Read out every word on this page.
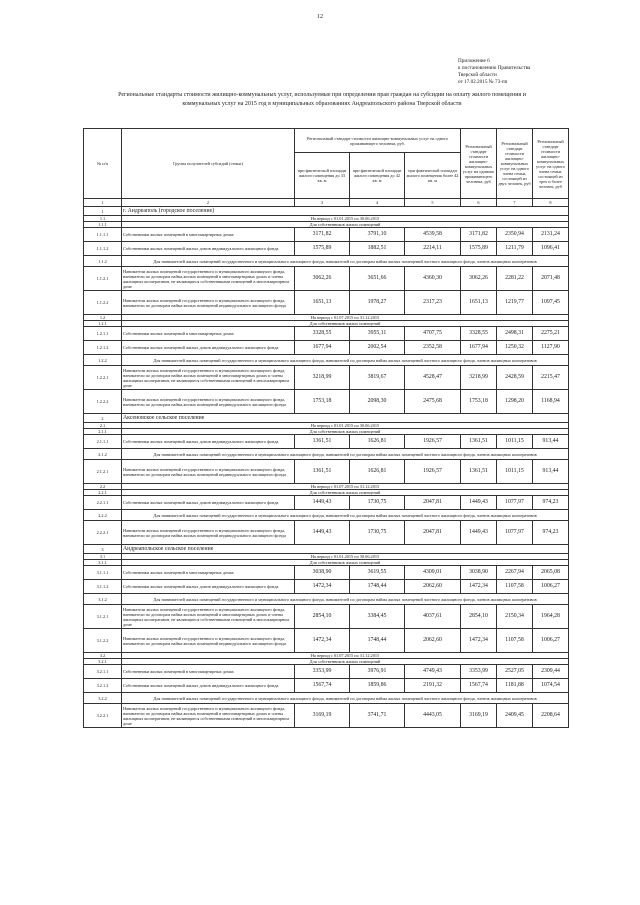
12
Приложение 6
к постановлению Правительства
Тверской области
от 17.02.2015 № 73-пп
Региональные стандарты стоимости жилищно-коммунальных услуг, используемые при определении прав граждан на субсидии на оплату жилого помещения и
коммунальных услуг на 2015 год в муниципальных образованиях Андреапольского района Тверской области
№ п/п	Группа получателей субсидий (семьи)	Региональный стандарт стоимости жилищно-коммунальных услуг на одного проживающего человека, руб.			Региональный стандарт стоимости жилищно-коммунальных услуг на одиноко проживающего человека, руб	Региональный стандарт стоимости жилищно-коммунальных услуг на одного члена семьи, состоящей из двух человек, руб	Региональный стандарт стоимости жилищно-коммунальных услуг на одного члена семьи, состоящей из трех и более человек, руб
		при фактической площади жилого помещения до 33 кв. м	при фактической площади жилого помещения до 42 кв. м	при фактической площади жилого помещения более 42 кв. м			
1	2	3	4	5	6	7	8
1	г. Андреаполь (городское поселение)						
1.1	На период с 01.01.2015 по 30.06.2015						
1.1.1	Для собственников жилых помещений						
1.1.1.1	Собственники жилых помещений в многоквартирных домах	3171,82	3791,10	4539,58	3171,82	2350,94	2131,24
1.1.1.2	Собственники жилых помещений жилых домов индивидуального жилищного фонда	1575,89	1882,51	2214,11	1575,89	1211,79	1096,41
1.1.2	Для нанимателей жилых помещений государственного и муниципального жилищного фонда, нанимателей по договорам найма жилых помещений частного жилищного фонда, членов жилищных кооперативов						
1.1.2.1	Наниматели жилых помещений государственного и муниципального жилищного фонда, наниматели по договорам найма жилых помещений в многоквартирных домах и члены жилищных кооперативов, не являющиеся собственниками помещений в многоквартирном доме	3062,26	3651,66	4360,30	3062,26	2281,22	2071,48
1.1.2.2	Наниматели жилых помещений государственного и муниципального жилищного фонда, наниматели по договорам найма жилых помещений индивидуального жилищного фонда	1651,13	1978,27	2317,23	1651,13	1219,77	1097,45
1.2	На период с 01.07.2015 по 31.12.2015						
1.2.1	Для собственников жилых помещений						
1.2.1.1	Собственники жилых помещений в многоквартирных домах	3328,55	3955,11	4707,75	3328,55	2498,31	2275,21
1.2.1.2	Собственники жилых помещений жилых домов индивидуального жилищного фонда	1677,94	2002,54	2352,58	1677,94	1250,32	1127,90
1.2.2	Для нанимателей жилых помещений государственного и муниципального жилищного фонда, нанимателей по договорам найма жилых помещений частного жилищного фонда, членов жилищных кооперативов						
1.2.2.1	Наниматели жилых помещений государственного и муниципального жилищного фонда, наниматели по договорам найма жилых помещений в многоквартирных домах и члены жилищных кооперативов, не являющиеся собственниками помещений в многоквартирном доме	3218,99	3819,67	4528,47	3218,99	2428,59	2215,47
1.2.2.2	Наниматели жилых помещений государственного и муниципального жилищного фонда, наниматели по договорам найма жилых помещений индивидуального жилищного фонда	1753,18	2098,30	2475,68	1753,18	1298,20	1168,94
2	Аксеновское сельское поселение						
2.1	На период с 01.01.2015 по 30.06.2015						
2.1.1	Для собственников жилых помещений						
2.1.1.1	Собственники жилых помещений жилых домов индивидуального жилищного фонда	1361,51	1626,81	1926,57	1361,51	1011,15	913,44
2.1.2	Для нанимателей жилых помещений государственного и муниципального жилищного фонда, нанимателей по договорам найма жилых помещений частного жилищного фонда, членов жилищных кооперативов						
2.1.2.1	Наниматели жилых помещений государственного и муниципального жилищного фонда, наниматели по договорам найма жилых помещений индивидуального жилищного фонда	1361,51	1626,81	1926,57	1361,51	1011,15	913,44
2.2	На период с 01.07.2015 по 31.12.2015						
2.2.1	Для собственников жилых помещений						
2.2.1.1	Собственники жилых помещений жилых домов индивидуального жилищного фонда	1449,43	1730,75	2047,81	1449,43	1077,97	974,23
2.2.2	Для нанимателей жилых помещений государственного и муниципального жилищного фонда, нанимателей по договорам найма жилых помещений частного жилищного фонда, членов жилищных кооперативов						
2.2.2.1	Наниматели жилых помещений государственного и муниципального жилищного фонда, наниматели по договорам найма жилых помещений индивидуального жилищного фонда	1449,43	1730,75	2047,81	1449,43	1077,97	974,23
3	Андреапольское сельское поселение						
3.1	На период с 01.01.2015 по 30.06.2015						
3.1.1	Для собственников жилых помещений						
3.1.1.1	Собственники жилых помещений в многоквартирных домах	3038,90	3619,55	4309,01	3038,90	2267,94	2065,08
3.1.1.2	Собственники жилых помещений жилых домов индивидуального жилищного фонда	1472,34	1748,44	2062,60	1472,34	1107,58	1006,27
3.1.2	Для нанимателей жилых помещений государственного и муниципального жилищного фонда, нанимателей по договорам найма жилых помещений частного жилищного фонда, членов жилищных кооперативов						
3.1.2.1	Наниматели жилых помещений государственного и муниципального жилищного фонда, наниматели по договорам найма жилых помещений в многоквартирных домах и члены жилищных кооперативов, не являющиеся собственниками помещений в многоквартирном доме	2854,10	3384,45	4037,61	2854,10	2150,34	1964,28
3.1.2.2	Наниматели жилых помещений государственного и муниципального жилищного фонда, наниматели по договорам найма жилых помещений индивидуального жилищного фонда	1472,34	1748,44	2062,60	1472,34	1107,58	1006,27
3.2	На период с 01.07.2015 по 31.12.2015						
3.2.1	Для собственников жилых помещений						
3.2.1.1	Собственники жилых помещений в многоквартирных домах	3353,99	3976,91	4749,43	3353,99	2527,05	2309,44
3.2.1.2	Собственники жилых помещений жилых домов индивидуального жилищного фонда	1567,74	1859,86	2191,32	1567,74	1181,88	1074,54
3.2.2	Для нанимателей жилых помещений государственного и муниципального жилищного фонда, нанимателей по договорам найма жилых помещений частного жилищного фонда, членов жилищных кооперативов						
3.2.2.1	Наниматели жилых помещений государственного и муниципального жилищного фонда, наниматели по договорам найма жилых помещений в многоквартирных домах и члены жилищных кооперативов, не являющиеся собственниками помещений в многоквартирном доме	3169,19	3741,71	4443,05	3169,19	2409,45	2208,64
